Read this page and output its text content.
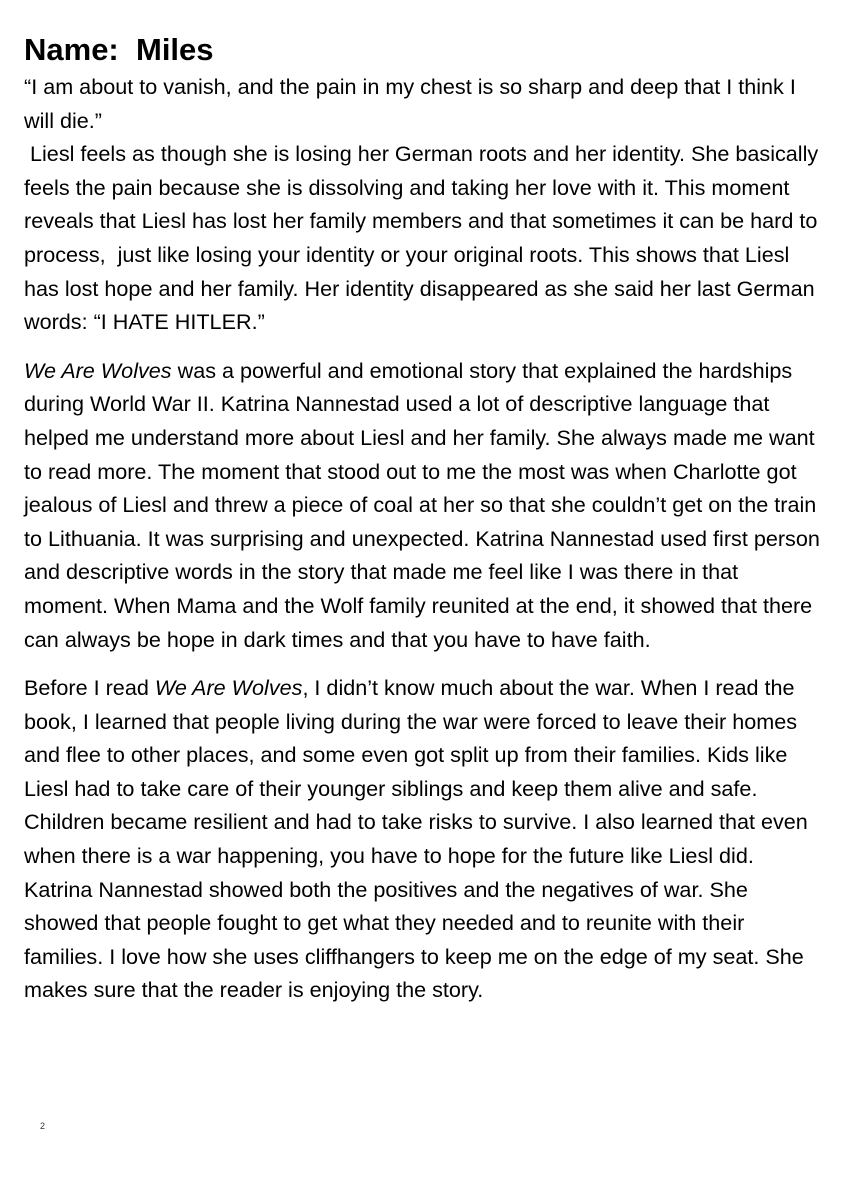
Name: Miles

“I am about to vanish, and the pain in my chest is so sharp and deep that I think I will die.”

Liesl feels as though she is losing her German roots and her identity. She basically feels the pain because she is dissolving and taking her love with it. This moment reveals that Liesl has lost her family members and that sometimes it can be hard to process,  just like losing your identity or your original roots. This shows that Liesl has lost hope and her family. Her identity disappeared as she said her last German words: “I HATE HITLER.”

We Are Wolves was a powerful and emotional story that explained the hardships during World War II. Katrina Nannestad used a lot of descriptive language that helped me understand more about Liesl and her family. She always made me want to read more. The moment that stood out to me the most was when Charlotte got jealous of Liesl and threw a piece of coal at her so that she couldn’t get on the train to Lithuania. It was surprising and unexpected. Katrina Nannestad used first person and descriptive words in the story that made me feel like I was there in that moment. When Mama and the Wolf family reunited at the end, it showed that there can always be hope in dark times and that you have to have faith.

Before I read We Are Wolves, I didn’t know much about the war. When I read the book, I learned that people living during the war were forced to leave their homes and flee to other places, and some even got split up from their families. Kids like Liesl had to take care of their younger siblings and keep them alive and safe. Children became resilient and had to take risks to survive. I also learned that even when there is a war happening, you have to hope for the future like Liesl did. Katrina Nannestad showed both the positives and the negatives of war. She showed that people fought to get what they needed and to reunite with their families. I love how she uses cliffhangers to keep me on the edge of my seat. She makes sure that the reader is enjoying the story.

2
